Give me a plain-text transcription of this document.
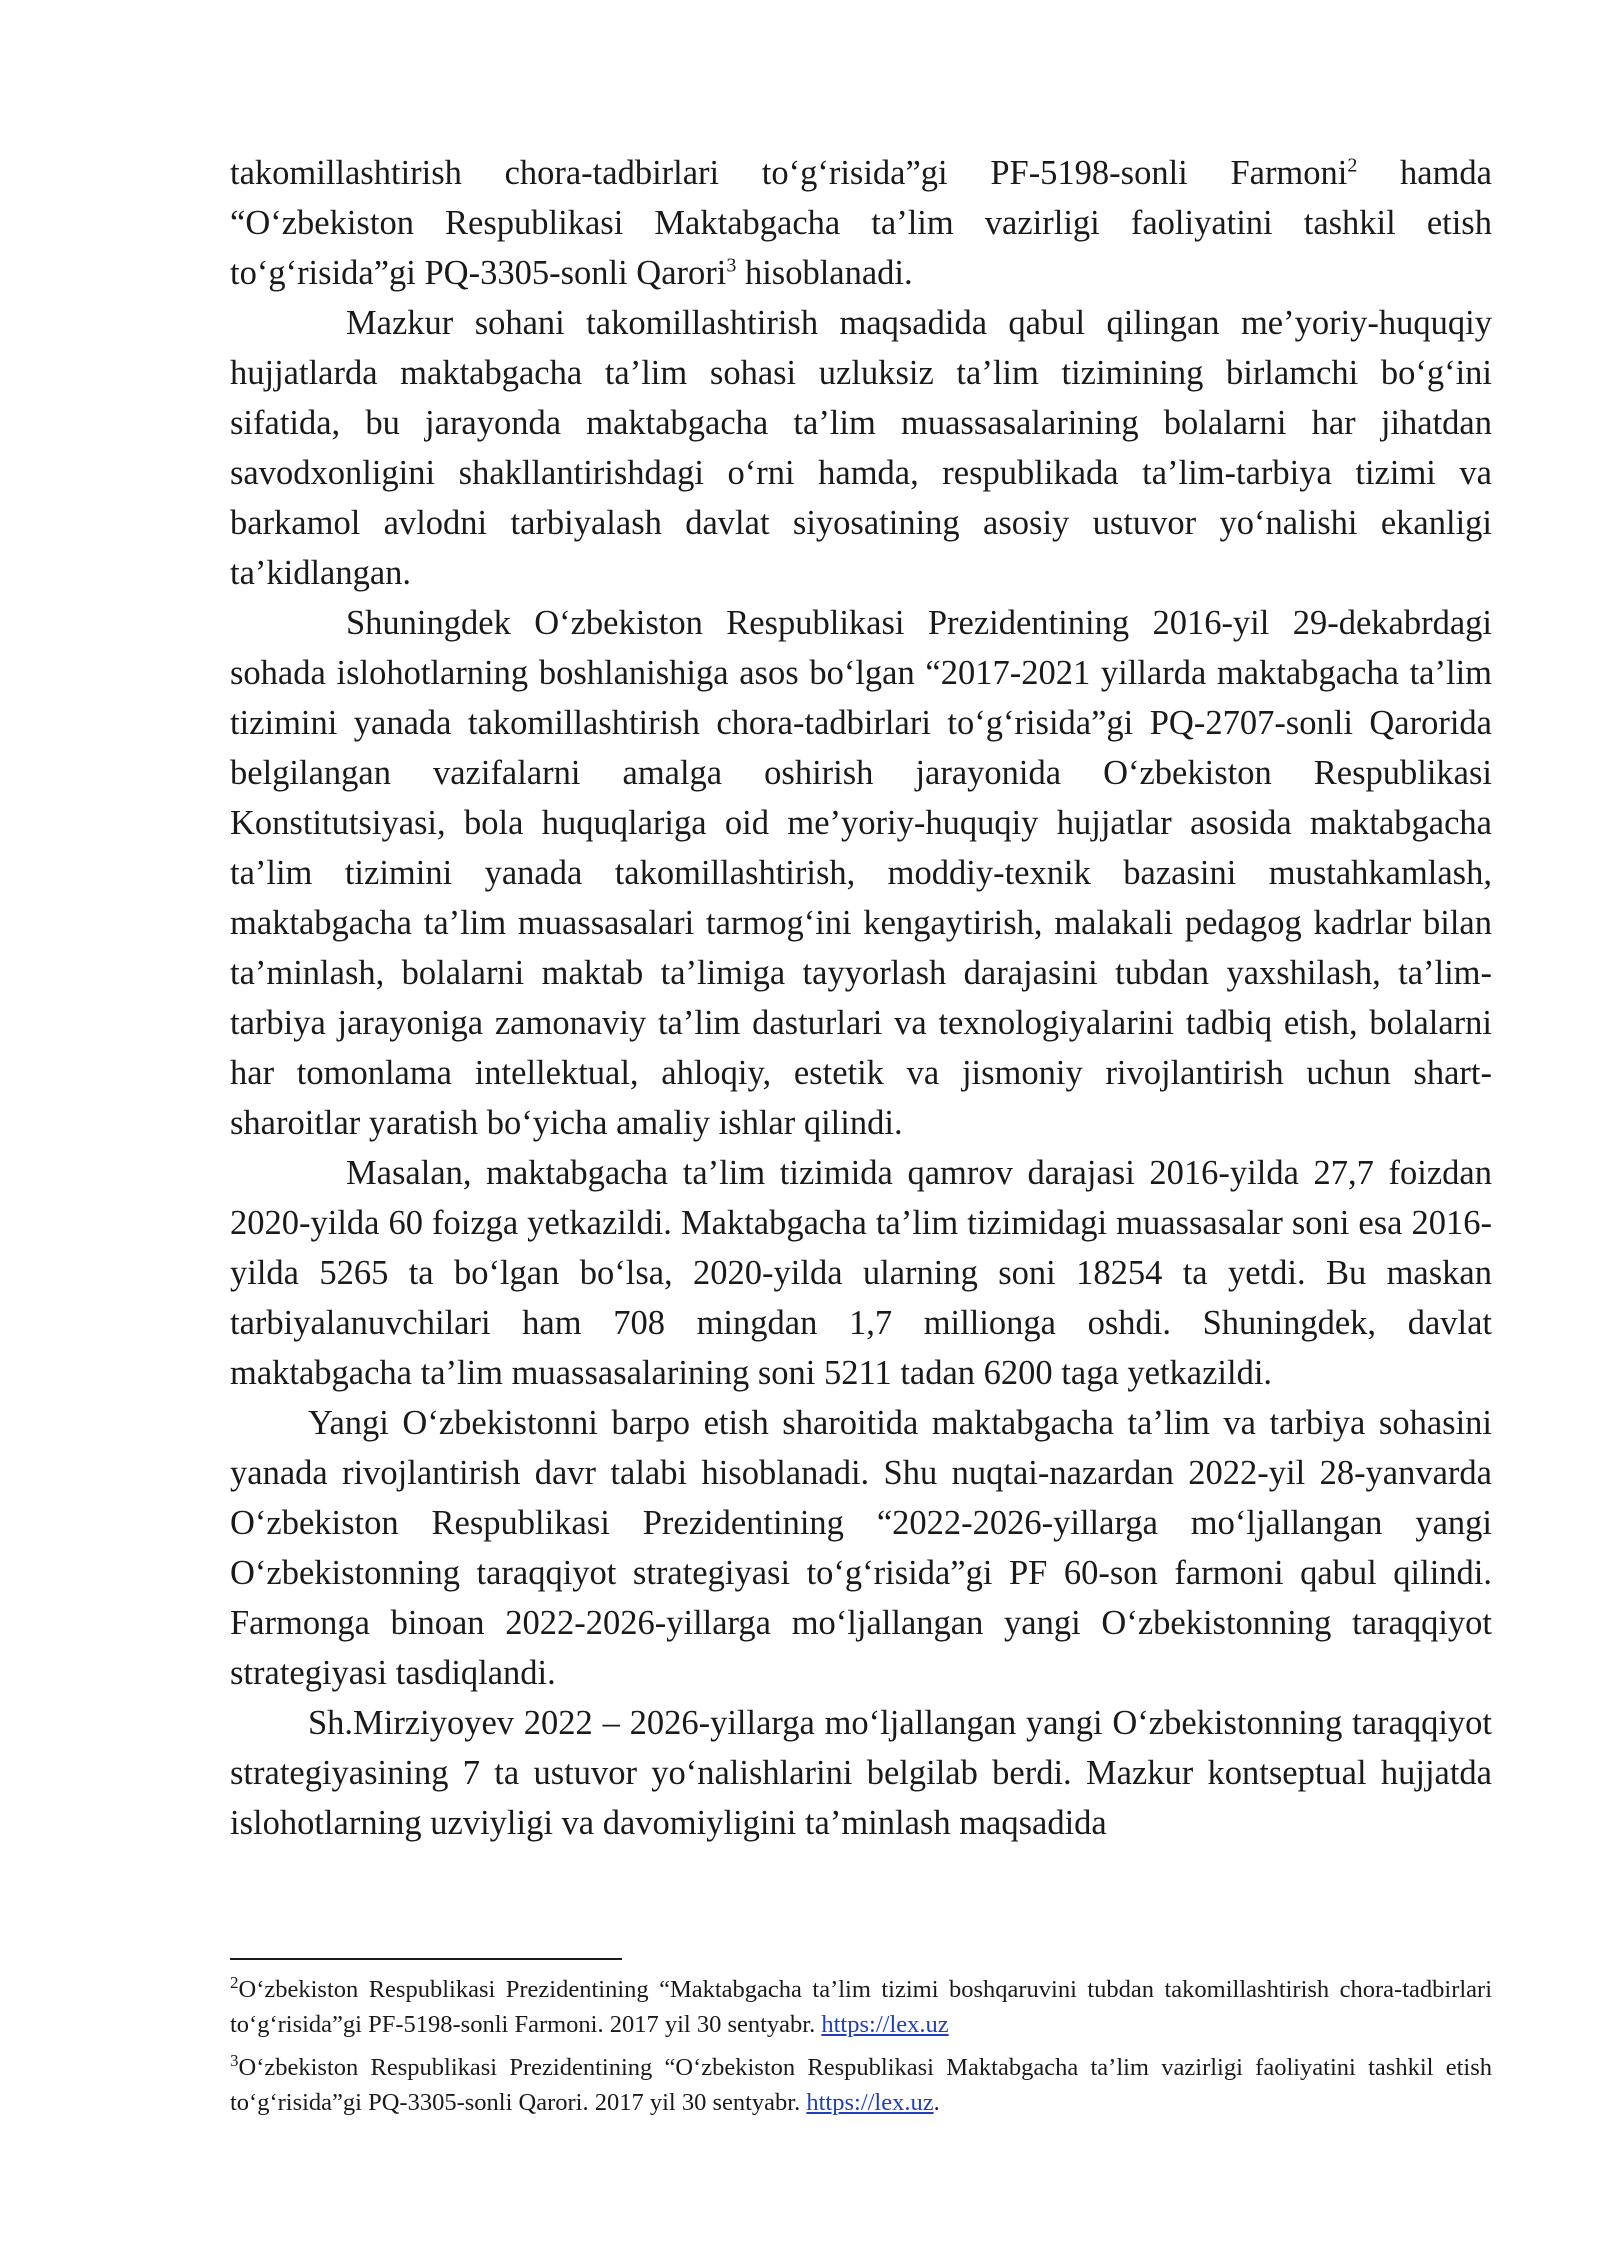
takomillashtirish chora-tadbirlari to‘g‘risida”gi PF-5198-sonli Farmoni$^2$ hamda “O‘zbekiston Respublikasi Maktabgacha ta’lim vazirligi faoliyatini tashkil etish to‘g‘risida”gi PQ-3305-sonli Qarori$^3$ hisoblanadi.

Mazkur sohani takomillashtirish maqsadida qabul qilingan me’yoriy-huquqiy hujjatlarda maktabgacha ta’lim sohasi uzluksiz ta’lim tizimining birlamchi bo‘g‘ini sifatida, bu jarayonda maktabgacha ta’lim muassasalarining bolalarni har jihatdan savodxonligini shakllantirishdagi o‘rni hamda, respublikada ta’lim-tarbiya tizimi va barkamol avlodni tarbiyalash davlat siyosatining asosiy ustuvor yo‘nalishi ekanligi ta’kidlangan.

Shuningdek O‘zbekiston Respublikasi Prezidentining 2016-yil 29-dekabrdagi sohada islohotlarning boshlanishiga asos bo‘lgan “2017-2021 yillarda maktabgacha ta’lim tizimini yanada takomillashtirish chora-tadbirlari to‘g‘risida”gi PQ-2707-sonli Qarorida belgilangan vazifalarni amalga oshirish jarayonida O‘zbekiston Respublikasi Konstitutsiyasi, bola huquqlariga oid me’yoriy-huquqiy hujjatlar asosida maktabgacha ta’lim tizimini yanada takomillashtirish, moddiy-texnik bazasini mustahkamlash, maktabgacha ta’lim muassasalari tarmog‘ini kengaytirish, malakali pedagog kadrlar bilan ta’minlash, bolalarni maktab ta’limiga tayyorlash darajasini tubdan yaxshilash, ta’lim-tarbiya jarayoniga zamonaviy ta’lim dasturlari va texnologiyalarini tadbiq etish, bolalarni har tomonlama intellektual, ahloqiy, estetik va jismoniy rivojlantirish uchun shart-sharoitlar yaratish bo‘yicha amaliy ishlar qilindi.

Masalan, maktabgacha ta’lim tizimida qamrov darajasi 2016-yilda 27,7 foizdan 2020-yilda 60 foizga yetkazildi. Maktabgacha ta’lim tizimidagi muassasalar soni esa 2016-yilda 5265 ta bo‘lgan bo‘lsa, 2020-yilda ularning soni 18254 ta yetdi. Bu maskan tarbiyalanuvchilari ham 708 mingdan 1,7 millionga oshdi. Shuningdek, davlat maktabgacha ta’lim muassasalarining soni 5211 tadan 6200 taga yetkazildi.

Yangi O‘zbekistonni barpo etish sharoitida maktabgacha ta’lim va tarbiya sohasini yanada rivojlantirish davr talabi hisoblanadi. Shu nuqtai-nazardan 2022-yil 28-yanvarda O‘zbekiston Respublikasi Prezidentining “2022-2026-yillarga mo‘ljallangan yangi O‘zbekistonning taraqqiyot strategiyasi to‘g‘risida”gi PF 60-son farmoni qabul qilindi. Farmonga binoan 2022-2026-yillarga mo‘ljallangan yangi O‘zbekistonning taraqqiyot strategiyasi tasdiqlandi.

Sh.Mirziyoyev 2022 – 2026-yillarga mo‘ljallangan yangi O‘zbekistonning taraqqiyot strategiyasining 7 ta ustuvor yo‘nalishlarini belgilab berdi. Mazkur kontseptual hujjatda islohotlarning uzviyligi va davomiyligini ta’minlash maqsadida

$^2$O‘zbekiston Respublikasi Prezidentining “Maktabgacha ta’lim tizimi boshqaruvini tubdan takomillashtirish chora-tadbirlari to‘g‘risida”gi PF-5198-sonli Farmoni. 2017 yil 30 sentyabr. https://lex.uz

$^3$O‘zbekiston Respublikasi Prezidentining “O‘zbekiston Respublikasi Maktabgacha ta’lim vazirligi faoliyatini tashkil etish to‘g‘risida”gi PQ-3305-sonli Qarori. 2017 yil 30 sentyabr. https://lex.uz.
